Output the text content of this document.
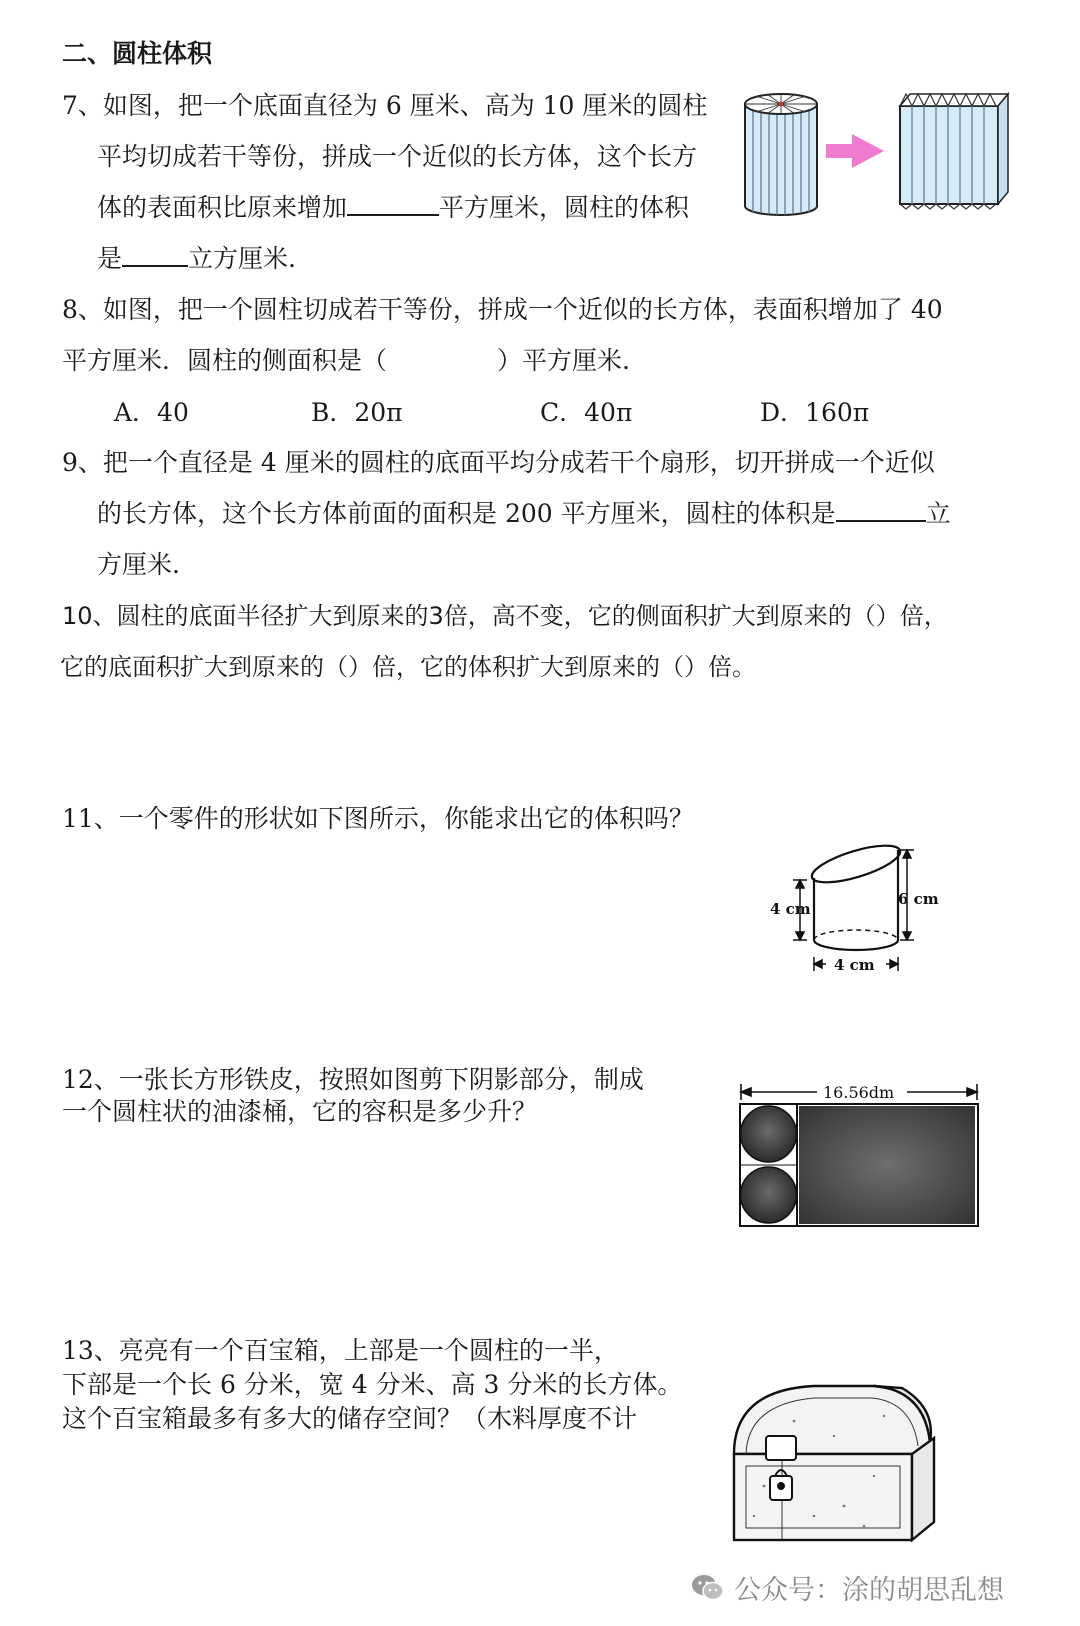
二、圆柱体积
7、如图，把一个底面直径为 6 厘米、高为 10 厘米的圆柱
平均切成若干等份，拼成一个近似的长方体，这个长方
体的表面积比原来增加	平方厘米，圆柱的体积
是	立方厘米.
8、如图，把一个圆柱切成若干等份，拼成一个近似的长方体，表面积增加了 40
平方厘米．圆柱的侧面积是（	）平方厘米.
A．40	B．20π	C．40π	D．160π
9、把一个直径是 4 厘米的圆柱的底面平均分成若干个扇形，切开拼成一个近似
的长方体，这个长方体前面的面积是 200 平方厘米，圆柱的体积是	立
方厘米.
10、圆柱的底面半径扩大到原来的3倍，高不变，它的侧面积扩大到原来的（）倍，
它的底面积扩大到原来的（）倍，它的体积扩大到原来的（）倍。
11、一个零件的形状如下图所示，你能求出它的体积吗？
4 cm
6 cm
4 cm
12、一张长方形铁皮，按照如图剪下阴影部分，制成
一个圆柱状的油漆桶，它的容积是多少升？
16.56dm
13、亮亮有一个百宝箱，上部是一个圆柱的一半，
下部是一个长 6 分米，宽 4 分米、高 3 分米的长方体。
这个百宝箱最多有多大的储存空间？（木料厚度不计
公众号：涂的胡思乱想
